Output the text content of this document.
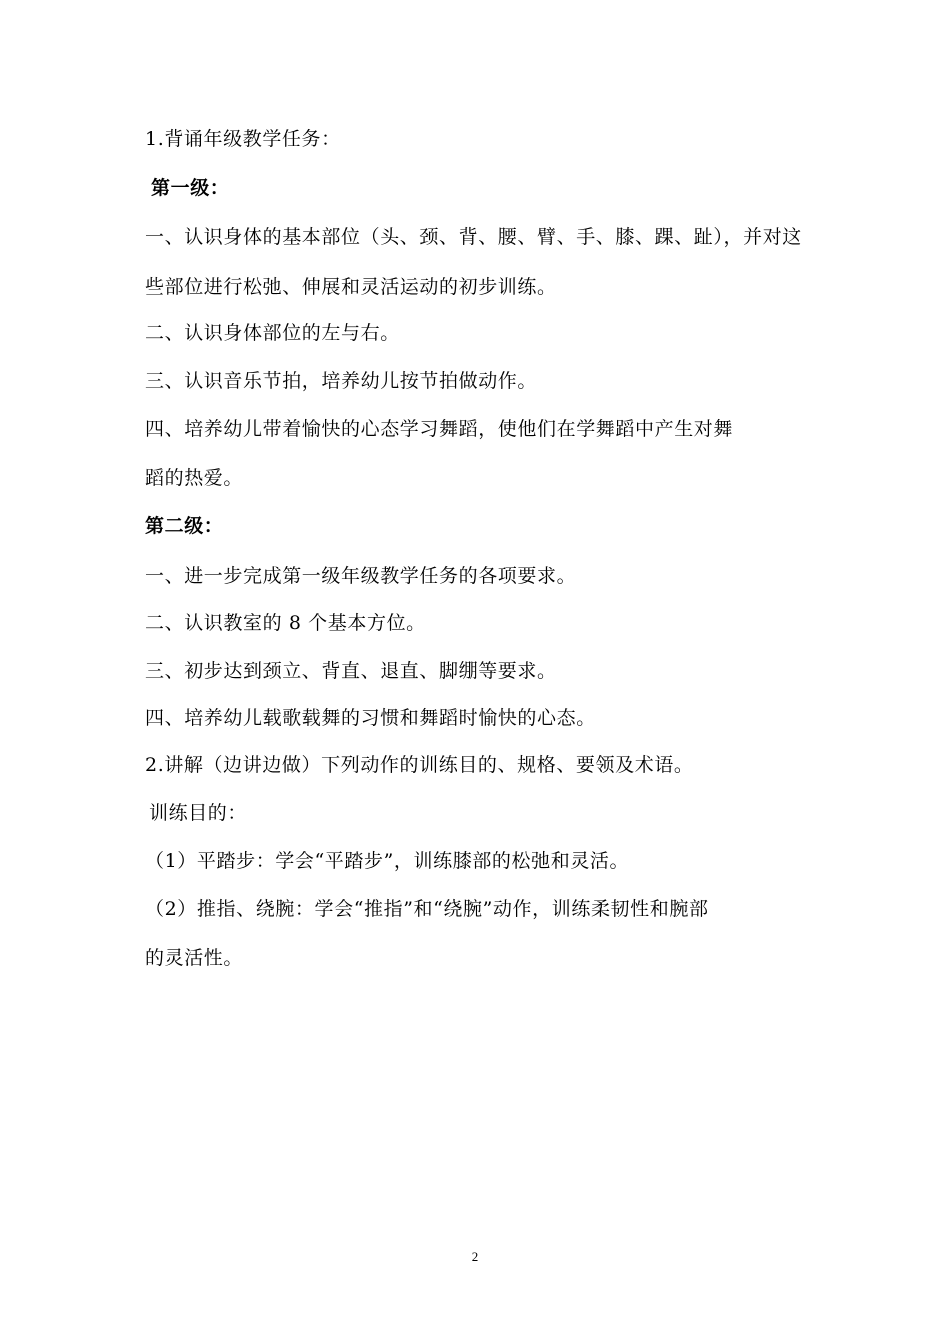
1.背诵年级教学任务：
第一级：
一、认识身体的基本部位（头、颈、背、腰、臂、手、膝、踝、趾），并对这
些部位进行松弛、伸展和灵活运动的初步训练。
二、认识身体部位的左与右。
三、认识音乐节拍，培养幼儿按节拍做动作。
四、培养幼儿带着愉快的心态学习舞蹈，使他们在学舞蹈中产生对舞
蹈的热爱。
第二级：
一、进一步完成第一级年级教学任务的各项要求。
二、认识教室的 8 个基本方位。
三、初步达到颈立、背直、退直、脚绷等要求。
四、培养幼儿载歌载舞的习惯和舞蹈时愉快的心态。
2.讲解（边讲边做）下列动作的训练目的、规格、要领及术语。
训练目的：
（1）平踏步：学会“平踏步”，训练膝部的松弛和灵活。
（2）推指、绕腕：学会“推指”和“绕腕”动作，训练柔韧性和腕部
的灵活性。
2
